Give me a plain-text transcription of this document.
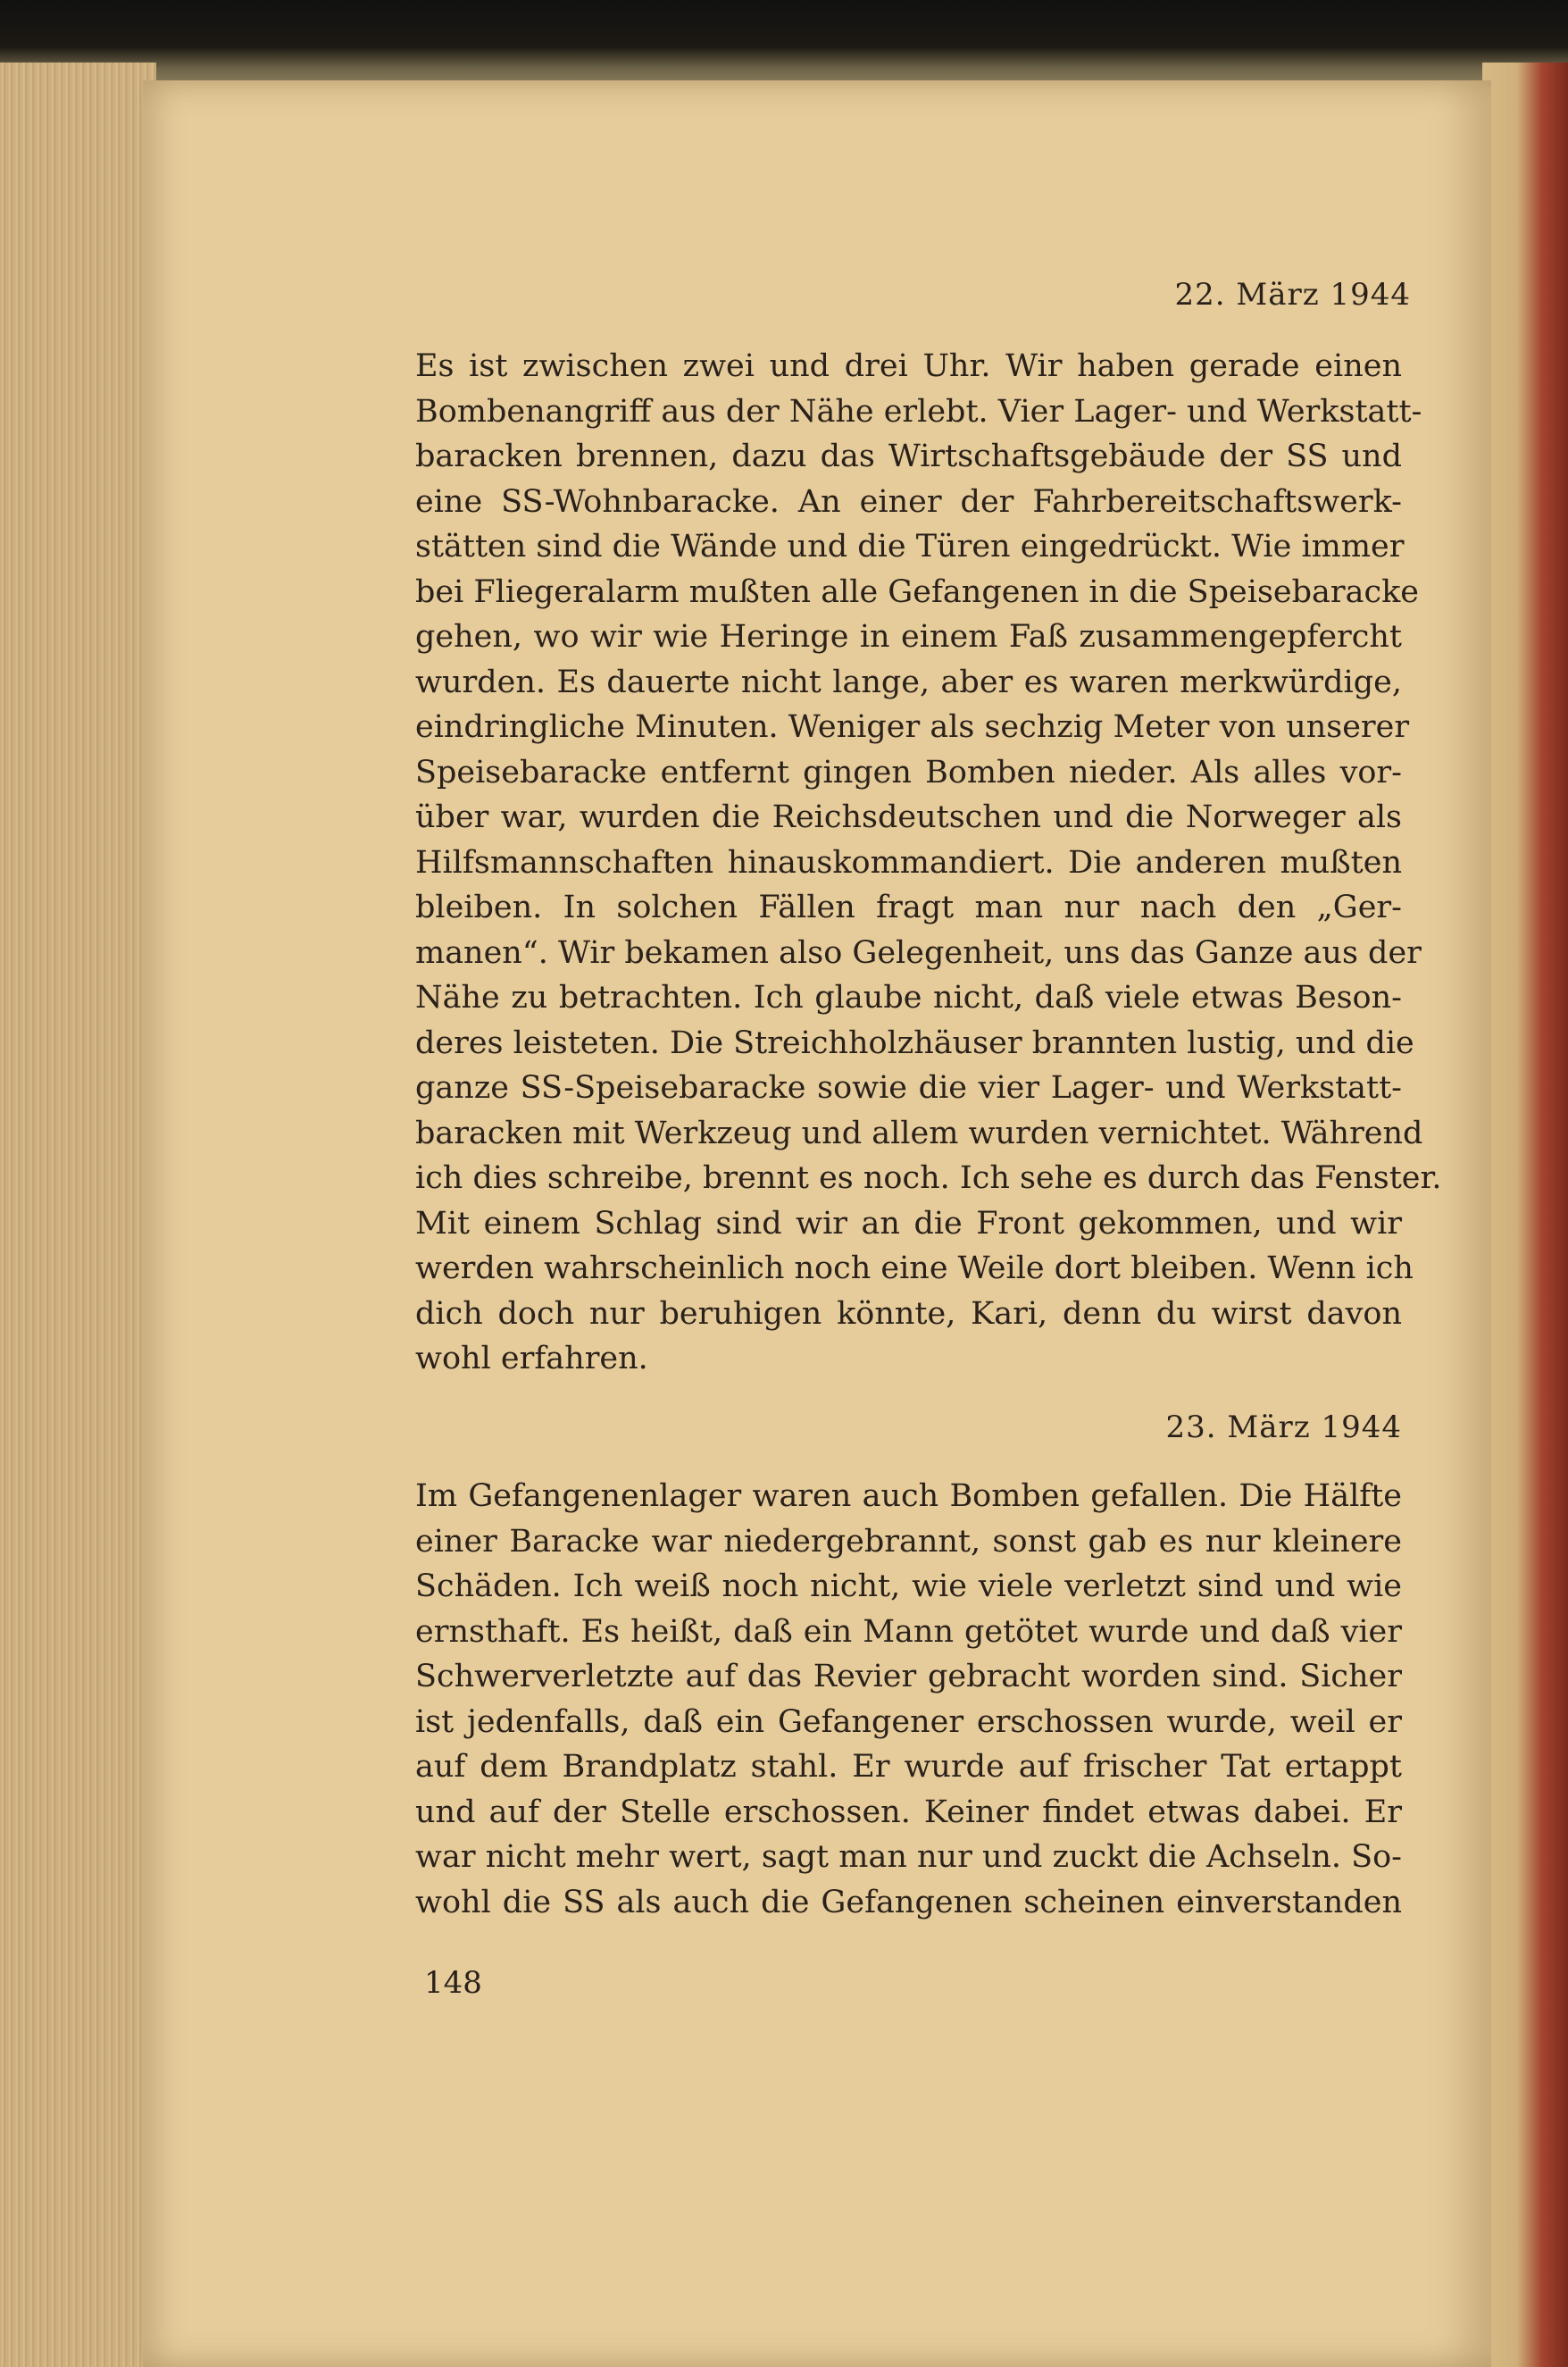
22. März 1944
Es ist zwischen zwei und drei Uhr. Wir haben gerade einen
Bombenangriff aus der Nähe erlebt. Vier Lager- und Werkstatt-
baracken brennen, dazu das Wirtschaftsgebäude der SS und
eine SS-Wohnbaracke. An einer der Fahrbereitschaftswerk-
stätten sind die Wände und die Türen eingedrückt. Wie immer
bei Fliegeralarm mußten alle Gefangenen in die Speisebaracke
gehen, wo wir wie Heringe in einem Faß zusammengepfercht
wurden. Es dauerte nicht lange, aber es waren merkwürdige,
eindringliche Minuten. Weniger als sechzig Meter von unserer
Speisebaracke entfernt gingen Bomben nieder. Als alles vor-
über war, wurden die Reichsdeutschen und die Norweger als
Hilfsmannschaften hinauskommandiert. Die anderen mußten
bleiben. In solchen Fällen fragt man nur nach den „Ger-
manen“. Wir bekamen also Gelegenheit, uns das Ganze aus der
Nähe zu betrachten. Ich glaube nicht, daß viele etwas Beson-
deres leisteten. Die Streichholzhäuser brannten lustig, und die
ganze SS-Speisebaracke sowie die vier Lager- und Werkstatt-
baracken mit Werkzeug und allem wurden vernichtet. Während
ich dies schreibe, brennt es noch. Ich sehe es durch das Fenster.
Mit einem Schlag sind wir an die Front gekommen, und wir
werden wahrscheinlich noch eine Weile dort bleiben. Wenn ich
dich doch nur beruhigen könnte, Kari, denn du wirst davon
wohl erfahren.
23. März 1944
Im Gefangenenlager waren auch Bomben gefallen. Die Hälfte
einer Baracke war niedergebrannt, sonst gab es nur kleinere
Schäden. Ich weiß noch nicht, wie viele verletzt sind und wie
ernsthaft. Es heißt, daß ein Mann getötet wurde und daß vier
Schwerverletzte auf das Revier gebracht worden sind. Sicher
ist jedenfalls, daß ein Gefangener erschossen wurde, weil er
auf dem Brandplatz stahl. Er wurde auf frischer Tat ertappt
und auf der Stelle erschossen. Keiner findet etwas dabei. Er
war nicht mehr wert, sagt man nur und zuckt die Achseln. So-
wohl die SS als auch die Gefangenen scheinen einverstanden
148
